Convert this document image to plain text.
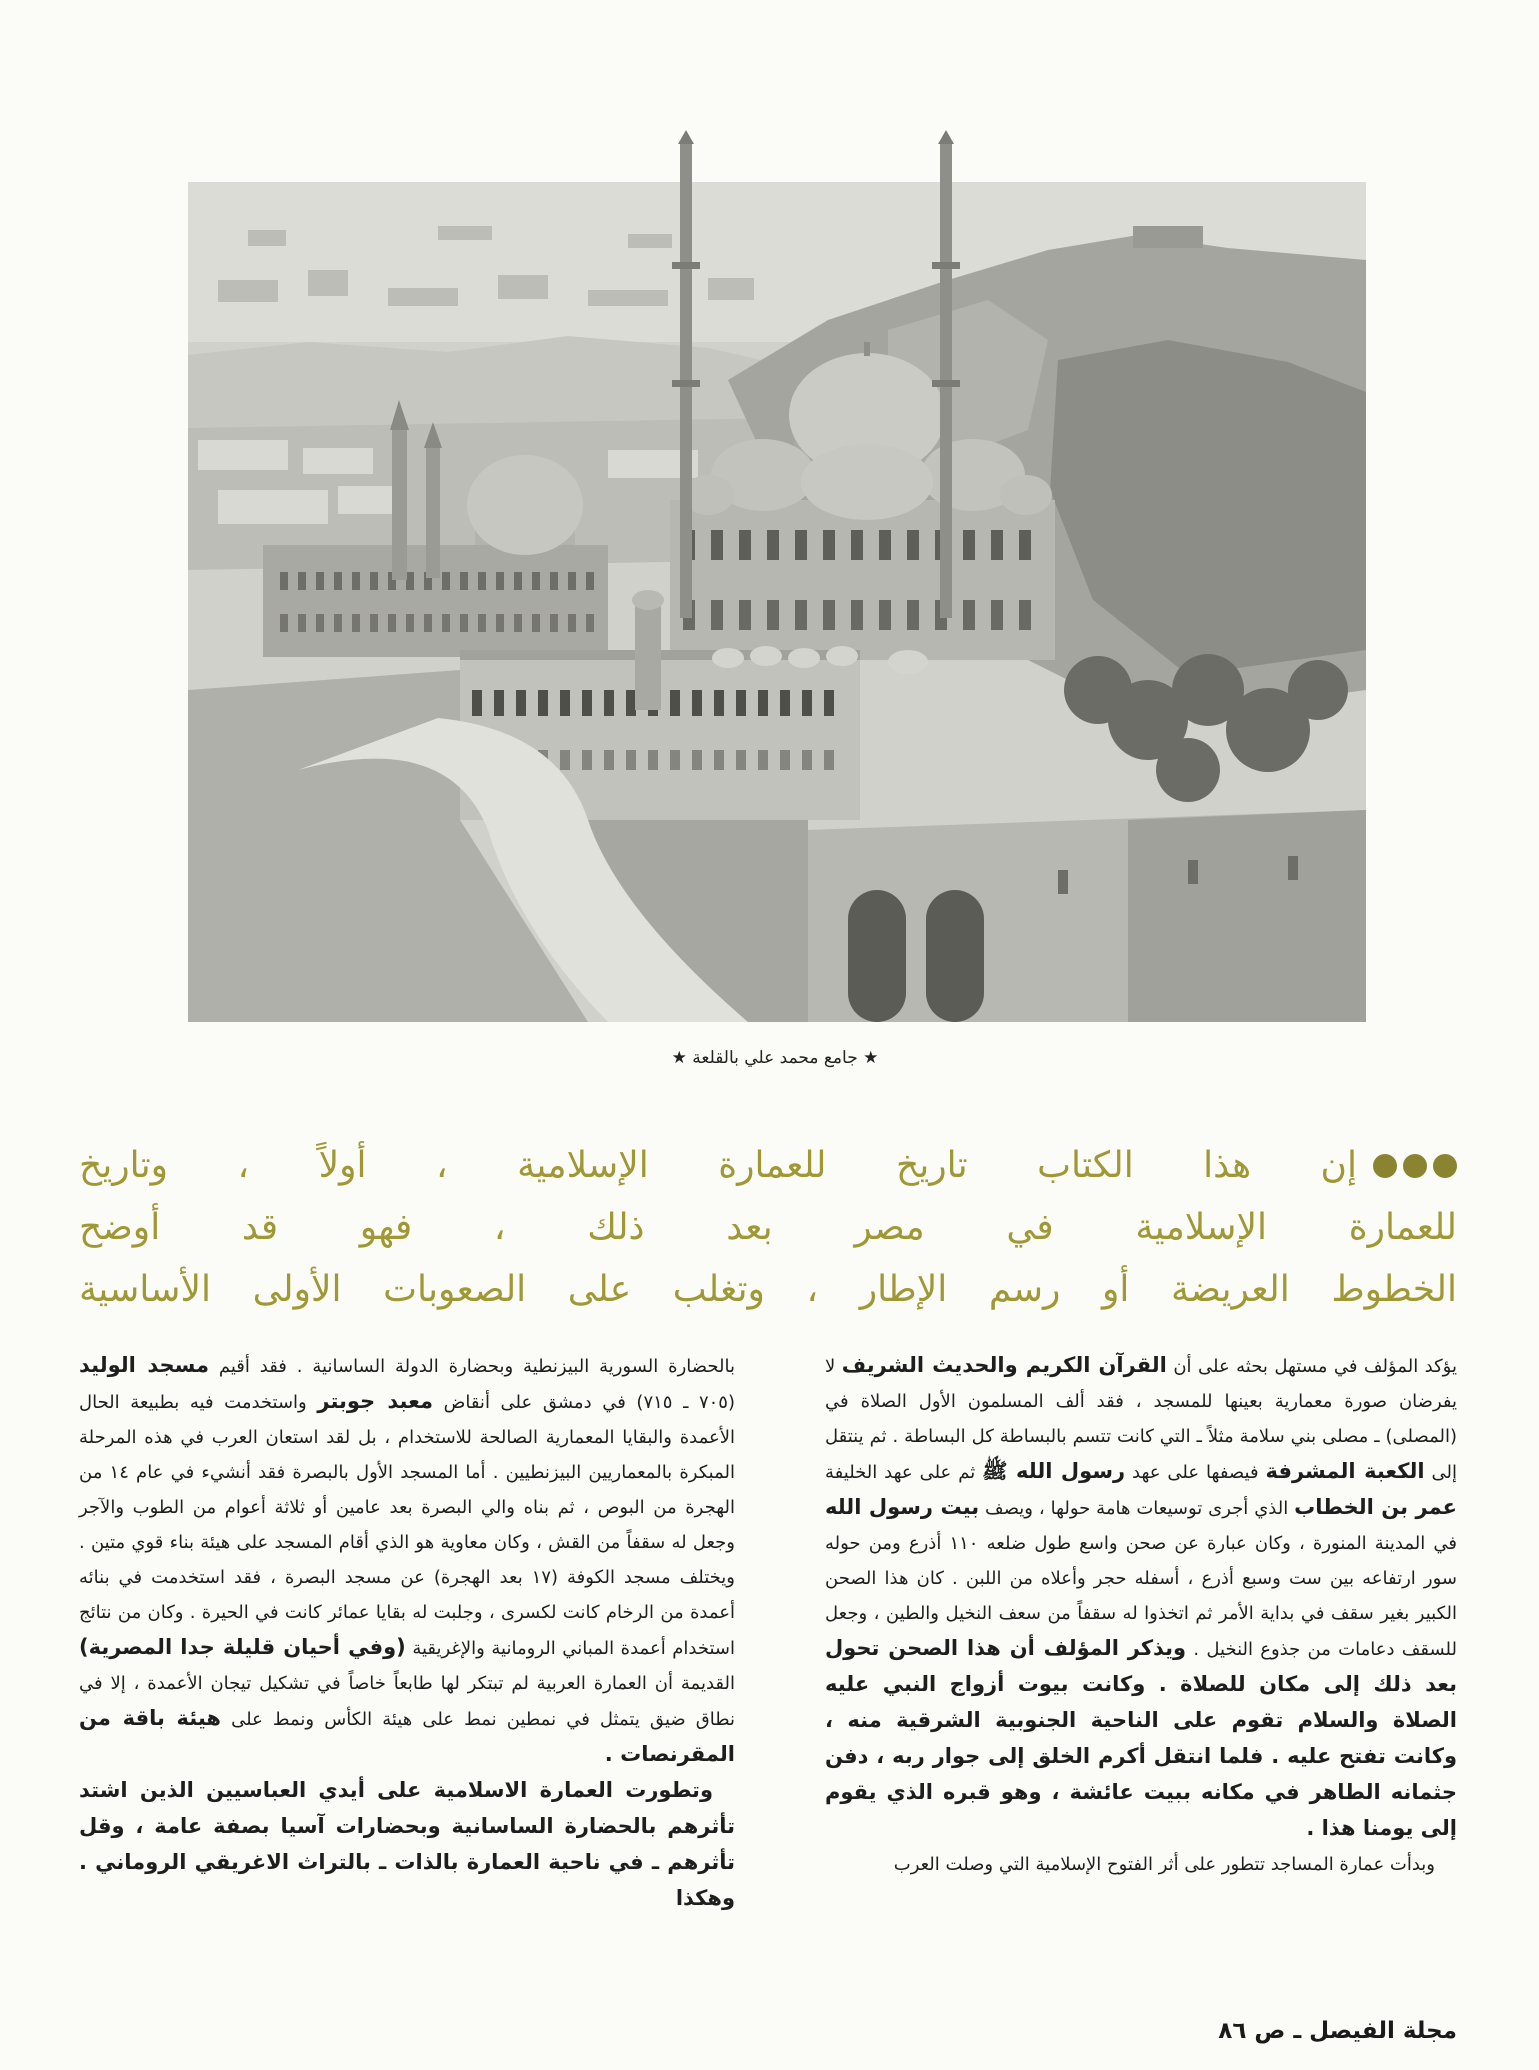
★ جامع محمد علي بالقلعة ★
إن هذا الكتاب تاريخ للعمارة الإسلامية ، أولاً ، وتاريخ
للعمارة الإسلامية في مصر بعد ذلك ، فهو قد أوضح
الخطوط العريضة أو رسم الإطار ، وتغلب على الصعوبات الأولى الأساسية

يؤكد المؤلف في مستهل بحثه على أن القرآن الكريم والحديث الشريف لا يفرضان صورة معمارية بعينها للمسجد ، فقد ألف المسلمون الأول الصلاة في (المصلى) ـ مصلى بني سلامة مثلاً ـ التي كانت تتسم بالبساطة كل البساطة . ثم ينتقل إلى الكعبة المشرفة فيصفها على عهد رسول الله ﷺ ثم على عهد الخليفة عمر بن الخطاب الذي أجرى توسيعات هامة حولها ، ويصف بيت رسول الله في المدينة المنورة ، وكان عبارة عن صحن واسع طول ضلعه ١١٠ أذرع ومن حوله سور ارتفاعه بين ست وسبع أذرع ، أسفله حجر وأعلاه من اللبن . كان هذا الصحن الكبير بغير سقف في بداية الأمر ثم اتخذوا له سقفاً من سعف النخيل والطين ، وجعل للسقف دعامات من جذوع النخيل . ويذكر المؤلف أن هذا الصحن تحول بعد ذلك إلى مكان للصلاة . وكانت بيوت أزواج النبي عليه الصلاة والسلام تقوم على الناحية الجنوبية الشرقية منه ، وكانت تفتح عليه . فلما انتقل أكرم الخلق إلى جوار ربه ، دفن جثمانه الطاهر في مكانه ببيت عائشة ، وهو قبره الذي يقوم إلى يومنا هذا .

وبدأت عمارة المساجد تتطور على أثر الفتوح الإسلامية التي وصلت العرب

بالحضارة السورية البيزنطية وبحضارة الدولة الساسانية . فقد أقيم مسجد الوليد (٧٠٥ ـ ٧١٥) في دمشق على أنقاض معبد جوبتر واستخدمت فيه بطبيعة الحال الأعمدة والبقايا المعمارية الصالحة للاستخدام ، بل لقد استعان العرب في هذه المرحلة المبكرة بالمعماريين البيزنطيين . أما المسجد الأول بالبصرة فقد أنشيء في عام ١٤ من الهجرة من البوص ، ثم بناه والي البصرة بعد عامين أو ثلاثة أعوام من الطوب والآجر وجعل له سقفاً من القش ، وكان معاوية هو الذي أقام المسجد على هيئة بناء قوي متين . ويختلف مسجد الكوفة (١٧ بعد الهجرة) عن مسجد البصرة ، فقد استخدمت في بنائه أعمدة من الرخام كانت لكسرى ، وجلبت له بقايا عمائر كانت في الحيرة . وكان من نتائج استخدام أعمدة المباني الرومانية والإغريقية (وفي أحيان قليلة جدا المصرية) القديمة أن العمارة العربية لم تبتكر لها طابعاً خاصاً في تشكيل تيجان الأعمدة ، إلا في نطاق ضيق يتمثل في نمطين نمط على هيئة الكأس ونمط على هيئة باقة من المقرنصات .

وتطورت العمارة الاسلامية على أيدي العباسيين الذين اشتد تأثرهم بالحضارة الساسانية وبحضارات آسيا بصفة عامة ، وقل تأثرهم ـ في ناحية العمارة بالذات ـ بالتراث الاغريقي الروماني . وهكذا

مجلة الفيصل ـ ص ٨٦
